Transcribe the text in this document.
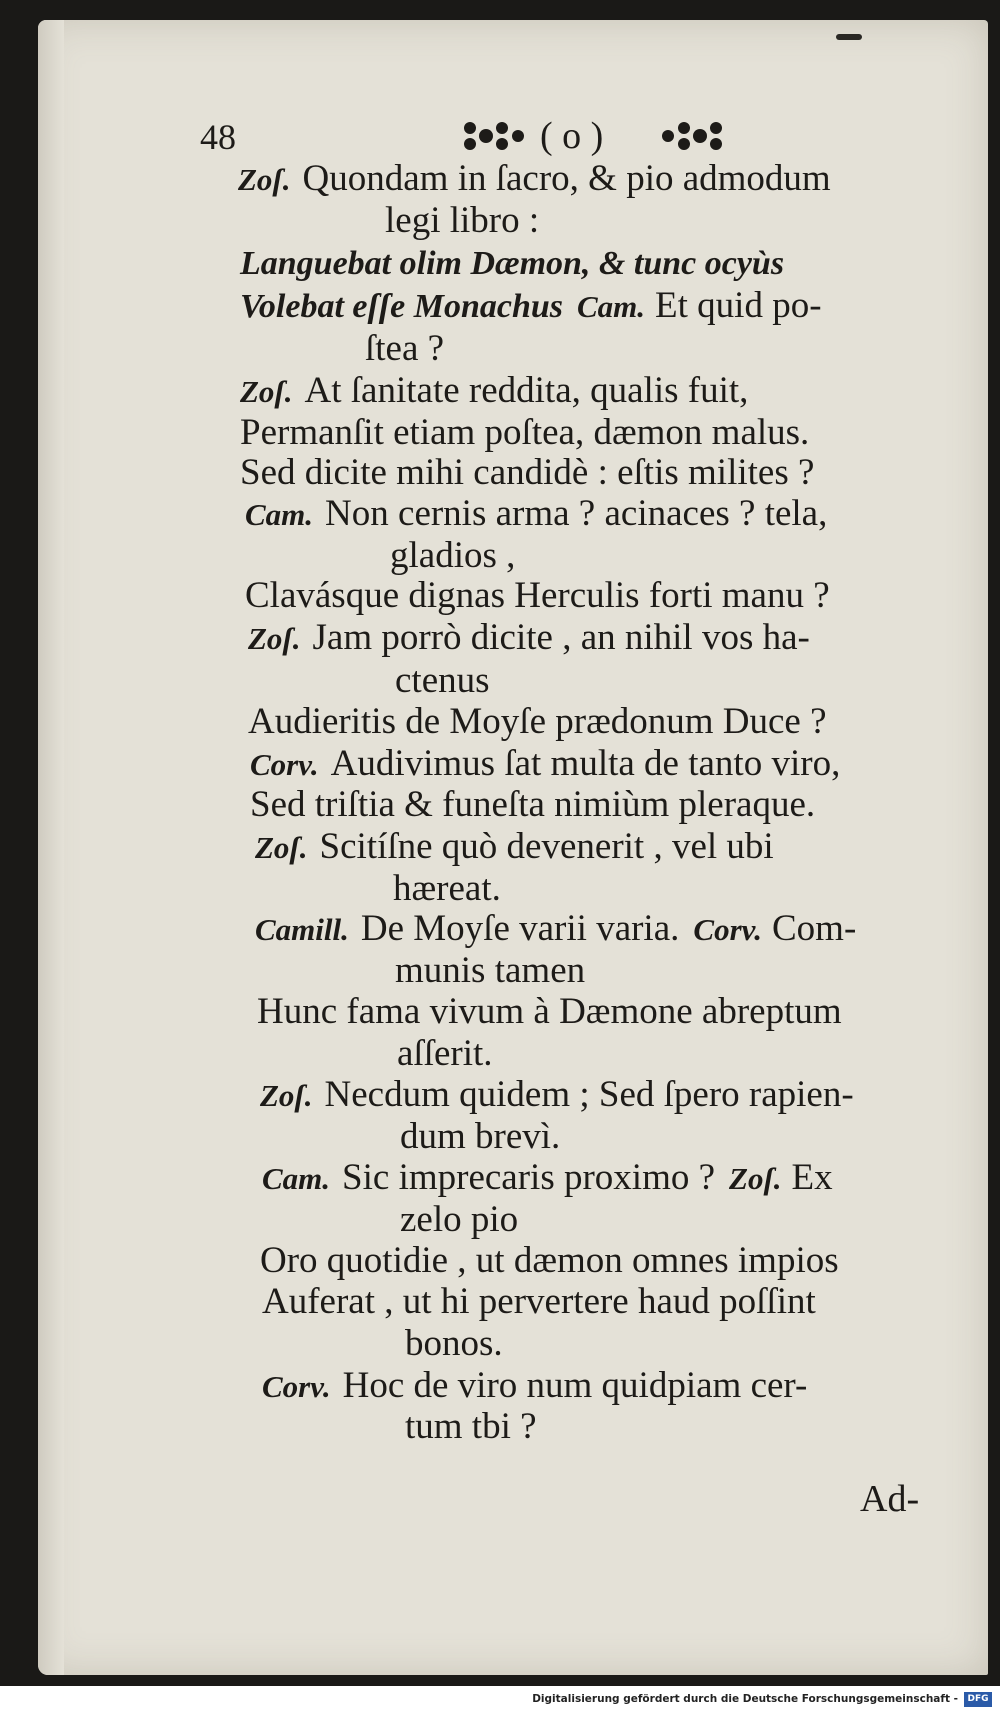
48	( o )
Zoſ. Quondam in ſacro, & pio admodum
legi libro :
Languebat olim Dæmon, & tunc ocyùs
Volebat eſſe Monachus Cam. Et quid po-
ſtea ?
Zoſ. At ſanitate reddita, qualis fuit,
Permanſit etiam poſtea, dæmon malus.
Sed dicite mihi candidè : eſtis milites ?
Cam. Non cernis arma ? acinaces ? tela,
gladios ,
Clavásque dignas Herculis forti manu ?
Zoſ. Jam porrò dicite , an nihil vos ha-
ctenus
Audieritis de Moyſe prædonum Duce ?
Corv. Audivimus ſat multa de tanto viro,
Sed triſtia & funeſta nimiùm pleraque.
Zoſ. Scitíſne quò devenerit , vel ubi
hæreat.
Camill. De Moyſe varii varia. Corv. Com-
munis tamen
Hunc fama vivum à Dæmone abreptum
aſſerit.
Zoſ. Necdum quidem ; Sed ſpero rapien-
dum brevì.
Cam. Sic imprecaris proximo ? Zoſ. Ex
zelo pio
Oro quotidie , ut dæmon omnes impios
Auferat , ut hi pervertere haud poſſint
bonos.
Corv. Hoc de viro num quidpiam cer-
tum tbi ?
Ad-
Digitalisierung gefördert durch die Deutsche Forschungsgemeinschaft -	DFG
